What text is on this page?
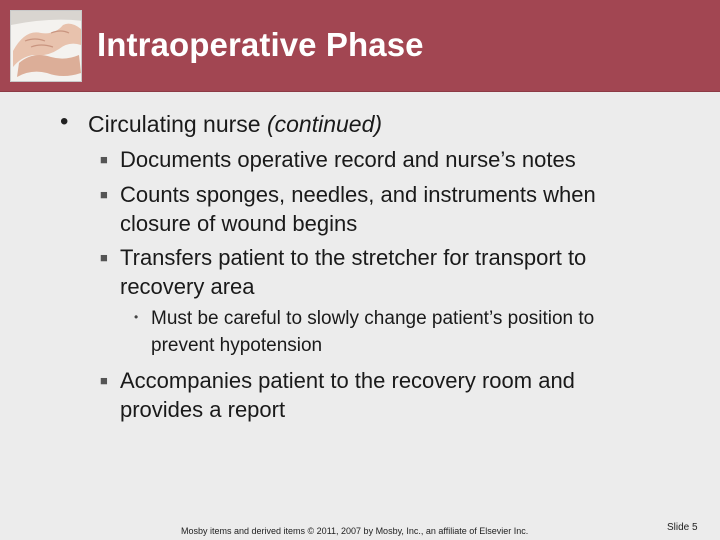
Intraoperative Phase
• Circulating nurse (continued)
■ Documents operative record and nurse’s notes
■ Counts sponges, needles, and instruments when
closure of wound begins
■ Transfers patient to the stretcher for transport to
recovery area
• Must be careful to slowly change patient’s position to
prevent hypotension
■ Accompanies patient to the recovery room and
provides a report
Mosby items and derived items © 2011, 2007 by Mosby, Inc., an affiliate of Elsevier Inc.	Slide 5
